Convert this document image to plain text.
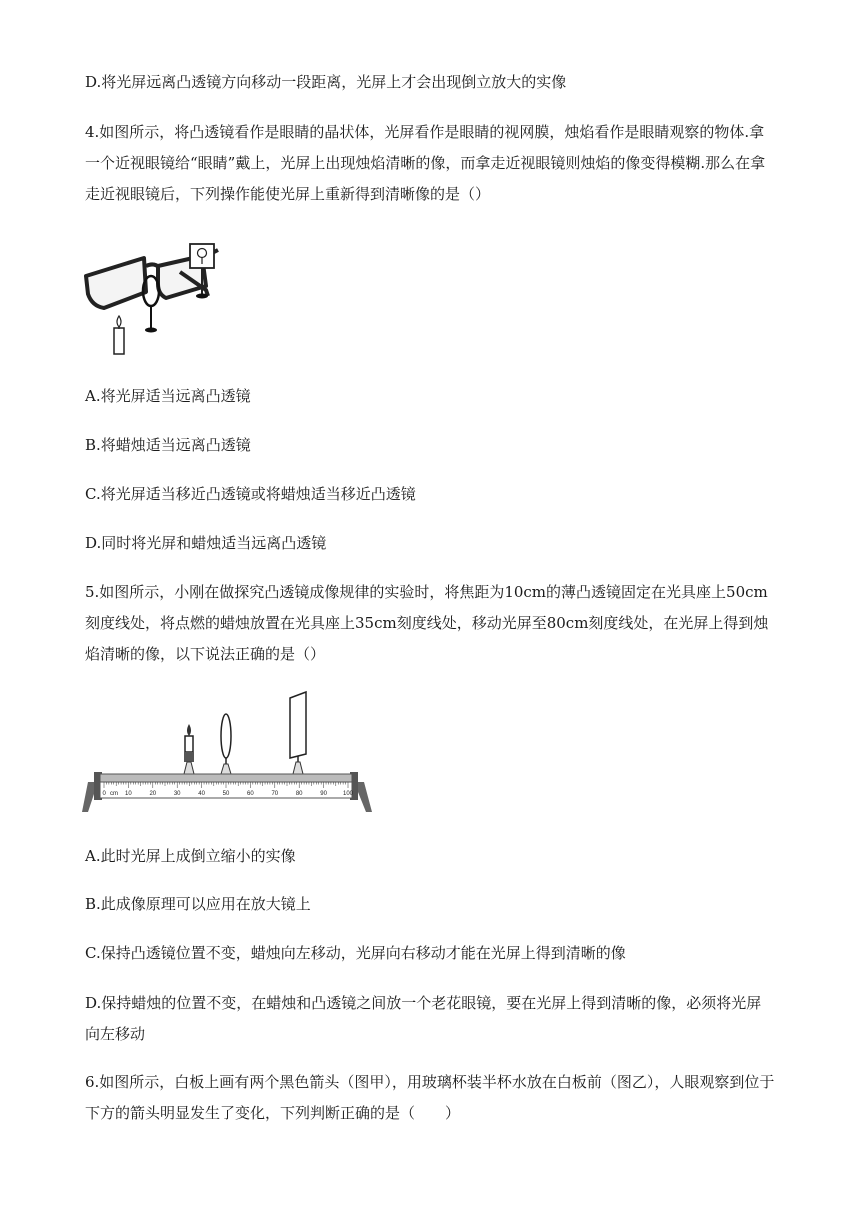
D.将光屏远离凸透镜方向移动一段距离，光屏上才会出现倒立放大的实像
4.如图所示，将凸透镜看作是眼睛的晶状体，光屏看作是眼睛的视网膜，烛焰看作是眼睛观察的物体.拿一个近视眼镜给“眼睛”戴上，光屏上出现烛焰清晰的像，而拿走近视眼镜则烛焰的像变得模糊.那么在拿走近视眼镜后，下列操作能使光屏上重新得到清晰像的是（）
A.将光屏适当远离凸透镜
B.将蜡烛适当远离凸透镜
C.将光屏适当移近凸透镜或将蜡烛适当移近凸透镜
D.同时将光屏和蜡烛适当远离凸透镜
5.如图所示，小刚在做探究凸透镜成像规律的实验时，将焦距为10cm的薄凸透镜固定在光具座上50cm刻度线处，将点燃的蜡烛放置在光具座上35cm刻度线处，移动光屏至80cm刻度线处，在光屏上得到烛焰清晰的像，以下说法正确的是（）
cm
0	10	20	30	40	50	60	70	80	90	100
A.此时光屏上成倒立缩小的实像
B.此成像原理可以应用在放大镜上
C.保持凸透镜位置不变，蜡烛向左移动，光屏向右移动才能在光屏上得到清晰的像
D.保持蜡烛的位置不变，在蜡烛和凸透镜之间放一个老花眼镜，要在光屏上得到清晰的像，必须将光屏向左移动
6.如图所示，白板上画有两个黑色箭头（图甲），用玻璃杯装半杯水放在白板前（图乙），人眼观察到位于下方的箭头明显发生了变化，下列判断正确的是（　　）
